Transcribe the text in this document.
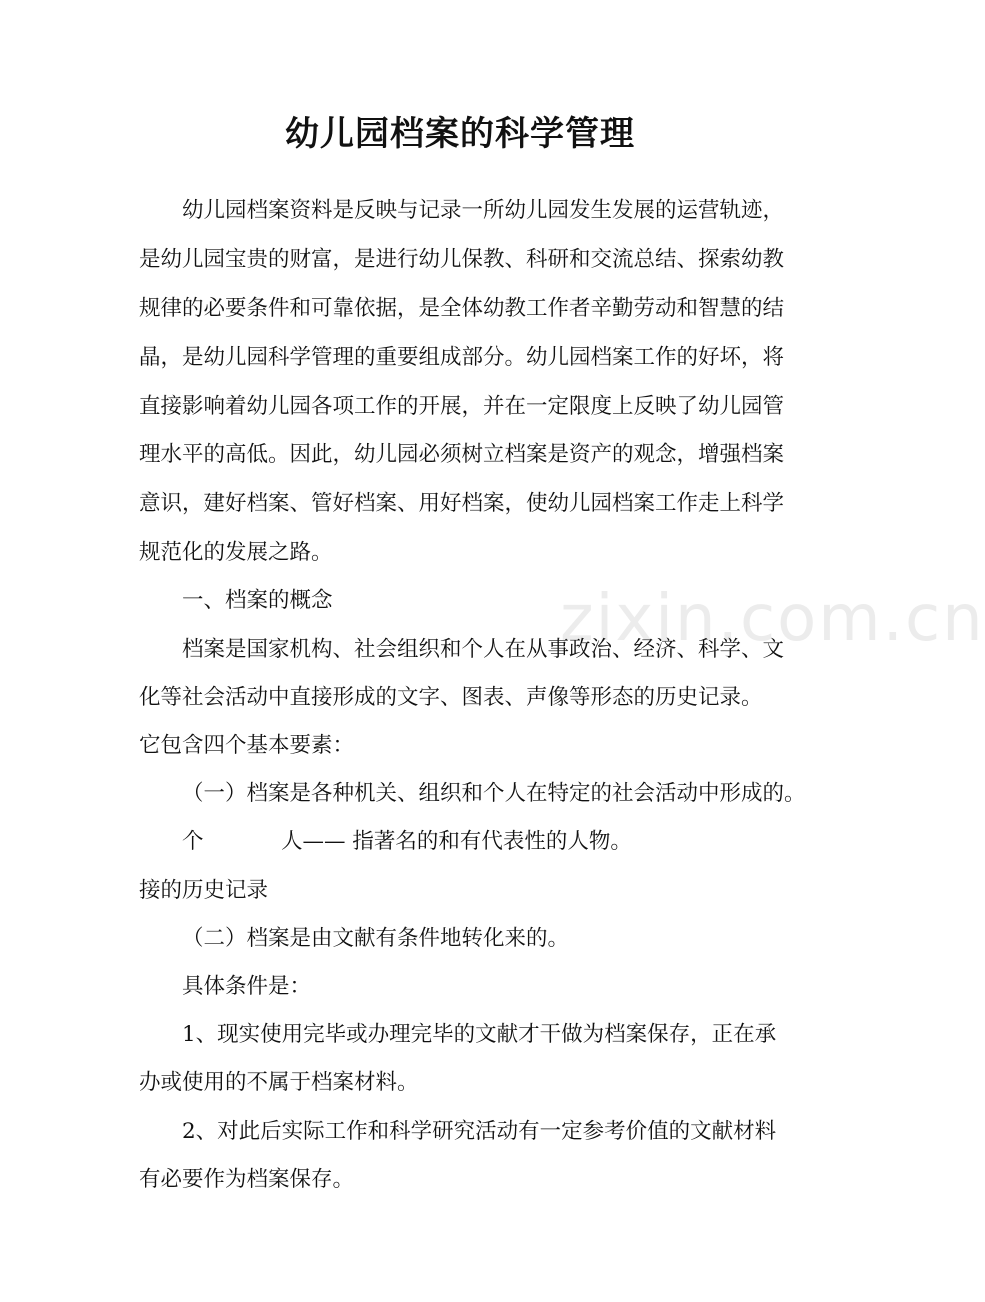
zixin.com.cn
幼儿园档案的科学管理
幼儿园档案资料是反映与记录一所幼儿园发生发展的运营轨迹，
是幼儿园宝贵的财富，是进行幼儿保教、科研和交流总结、探索幼教
规律的必要条件和可靠依据，是全体幼教工作者辛勤劳动和智慧的结
晶，是幼儿园科学管理的重要组成部分。幼儿园档案工作的好坏，将
直接影响着幼儿园各项工作的开展，并在一定限度上反映了幼儿园管
理水平的高低。因此，幼儿园必须树立档案是资产的观念，增强档案
意识，建好档案、管好档案、用好档案，使幼儿园档案工作走上科学
规范化的发展之路。
一、档案的概念
档案是国家机构、社会组织和个人在从事政治、经济、科学、文
化等社会活动中直接形成的文字、图表、声像等形态的历史记录。
它包含四个基本要素：
（一）档案是各种机关、组织和个人在特定的社会活动中形成的。
个	人—— 指著名的和有代表性的人物。
接的历史记录
（二）档案是由文献有条件地转化来的。
具体条件是：
1、现实使用完毕或办理完毕的文献才干做为档案保存，正在承
办或使用的不属于档案材料。
2、对此后实际工作和科学研究活动有一定参考价值的文献材料
有必要作为档案保存。
